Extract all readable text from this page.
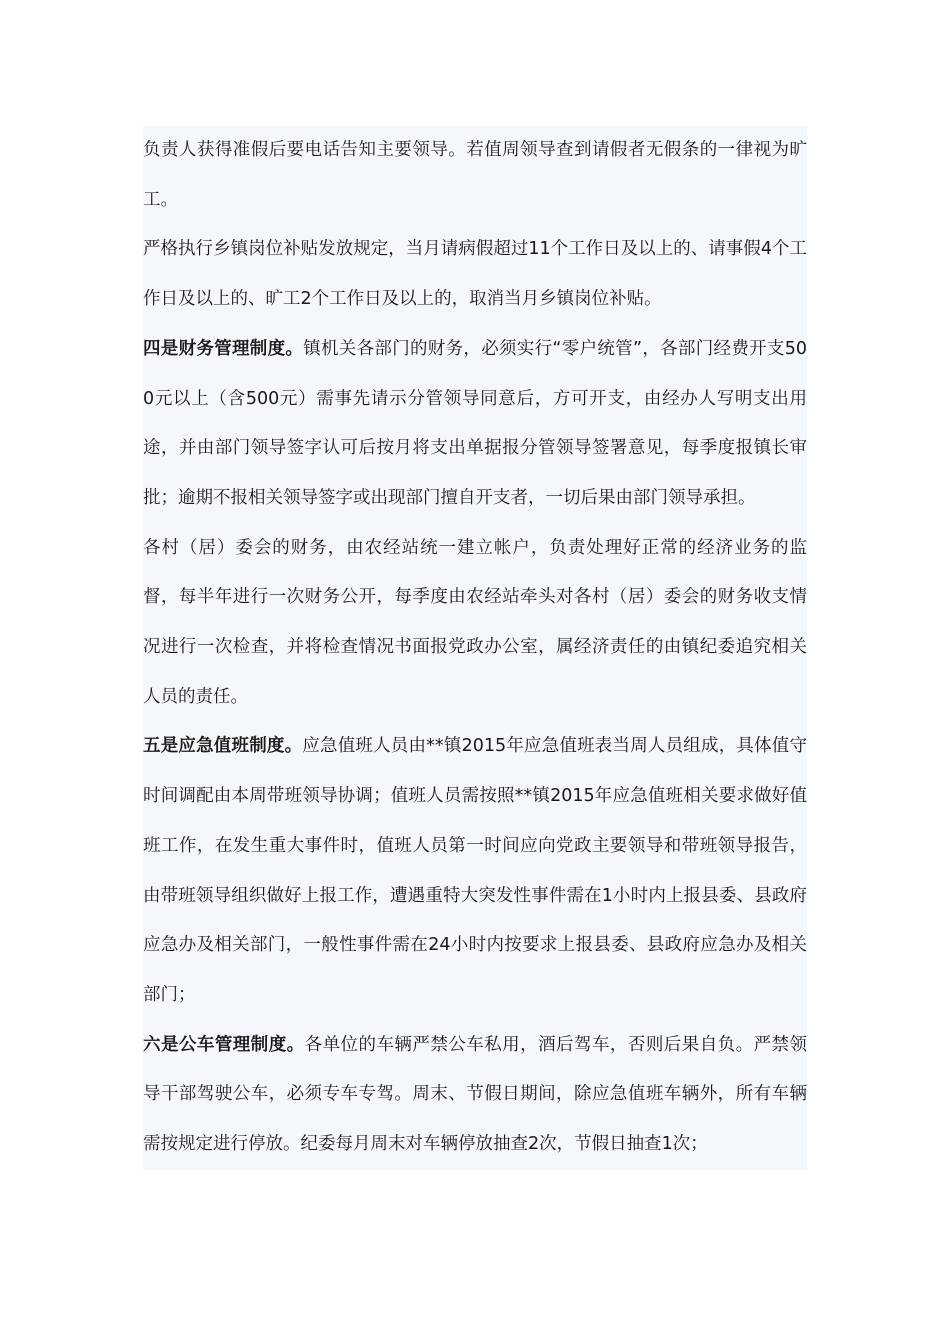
负责人获得准假后要电话告知主要领导。若值周领导查到请假者无假条的一律视为旷工。

严格执行乡镇岗位补贴发放规定，当月请病假超过11个工作日及以上的、请事假4个工作日及以上的、旷工2个工作日及以上的，取消当月乡镇岗位补贴。

四是财务管理制度。镇机关各部门的财务，必须实行“零户统管”，各部门经费开支500元以上（含500元）需事先请示分管领导同意后，方可开支，由经办人写明支出用途，并由部门领导签字认可后按月将支出单据报分管领导签署意见，每季度报镇长审批；逾期不报相关领导签字或出现部门擅自开支者，一切后果由部门领导承担。

各村（居）委会的财务，由农经站统一建立帐户，负责处理好正常的经济业务的监督，每半年进行一次财务公开，每季度由农经站牵头对各村（居）委会的财务收支情况进行一次检查，并将检查情况书面报党政办公室，属经济责任的由镇纪委追究相关人员的责任。

五是应急值班制度。应急值班人员由**镇2015年应急值班表当周人员组成，具体值守时间调配由本周带班领导协调；值班人员需按照**镇2015年应急值班相关要求做好值班工作，在发生重大事件时，值班人员第一时间应向党政主要领导和带班领导报告，由带班领导组织做好上报工作，遭遇重特大突发性事件需在1小时内上报县委、县政府应急办及相关部门，一般性事件需在24小时内按要求上报县委、县政府应急办及相关部门；

六是公车管理制度。各单位的车辆严禁公车私用，酒后驾车，否则后果自负。严禁领导干部驾驶公车，必须专车专驾。周末、节假日期间，除应急值班车辆外，所有车辆需按规定进行停放。纪委每月周末对车辆停放抽查2次，节假日抽查1次；
